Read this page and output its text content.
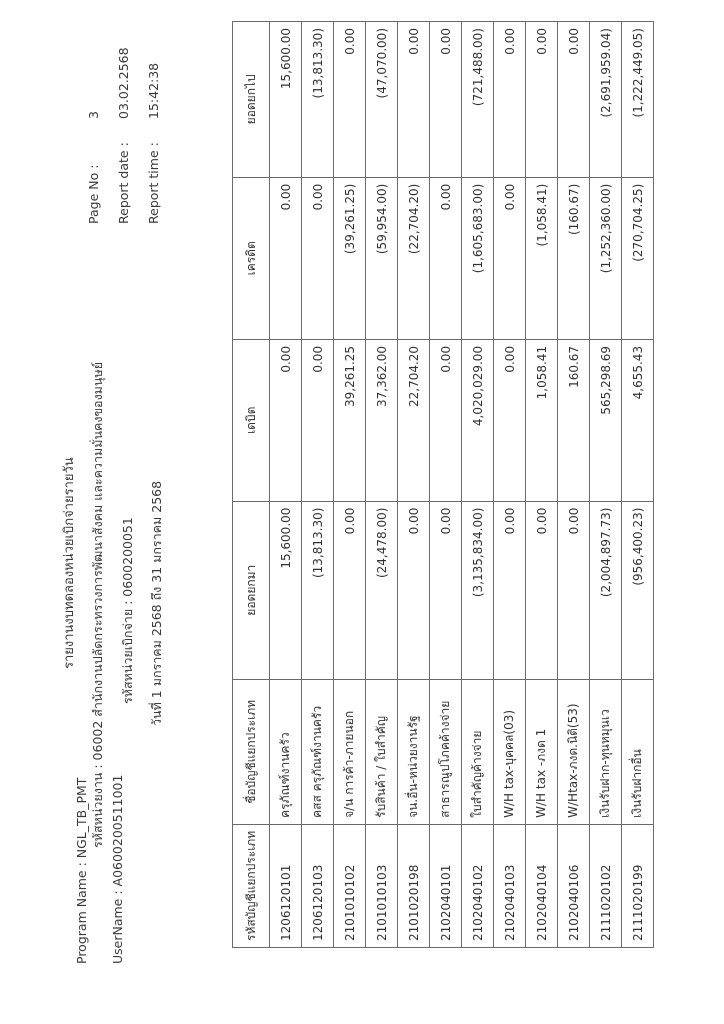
Program Name : NGL_TB_PMT UserName : A0600200511001
รายงานงบทดลองหน่วยเบิกจ่ายรายวัน รหัสหน่วยงาน : 06002 สำนักงานปลัดกระทรวงการพัฒนาสังคม และความมั่นคงของมนุษย์ รหัสหน่วยเบิกจ่าย : 0600200051 วันที่ 1 มกราคม 2568 ถึง 31 มกราคม 2568
Page No :
3
Report date :
03.02.2568
Report time :
15:42:38
รหัสบัญชีแยกประเภท	ชื่อบัญชีแยกประเภท	ยอดยกมา	เดบิต	เครดิต	ยอดยกไป
1206120101	ครุภัณฑ์งานครัว	15,600.00	0.00	0.00	15,600.00
1206120103	คสส ครุภัณฑ์งานครัว	(13,813.30)	0.00	0.00	(13,813.30)
2101010102	จ/น การค้า-ภายนอก	0.00	39,261.25	(39,261.25)	0.00
2101010103	รับสินค้า / ใบสำคัญ	(24,478.00)	37,362.00	(59,954.00)	(47,070.00)
2101020198	จน.อื่น-หน่วยงานรัฐ	0.00	22,704.20	(22,704.20)	0.00
2102040101	สาธารณูปโภคค้างจ่าย	0.00	0.00	0.00	0.00
2102040102	ใบสำคัญค้างจ่าย	(3,135,834.00)	4,020,029.00	(1,605,683.00)	(721,488.00)
2102040103	W/H tax-บุคคล(03)	0.00	0.00	0.00	0.00
2102040104	W/H tax -ภงด 1	0.00	1,058.41	(1,058.41)	0.00
2102040106	W/Htax-ภงด.นิติ(53)	0.00	160.67	(160.67)	0.00
2111020102	เงินรับฝาก-ทุนหมุนเว	(2,004,897.73)	565,298.69	(1,252,360.00)	(2,691,959.04)
2111020199	เงินรับฝากอื่น	(956,400.23)	4,655.43	(270,704.25)	(1,222,449.05)
